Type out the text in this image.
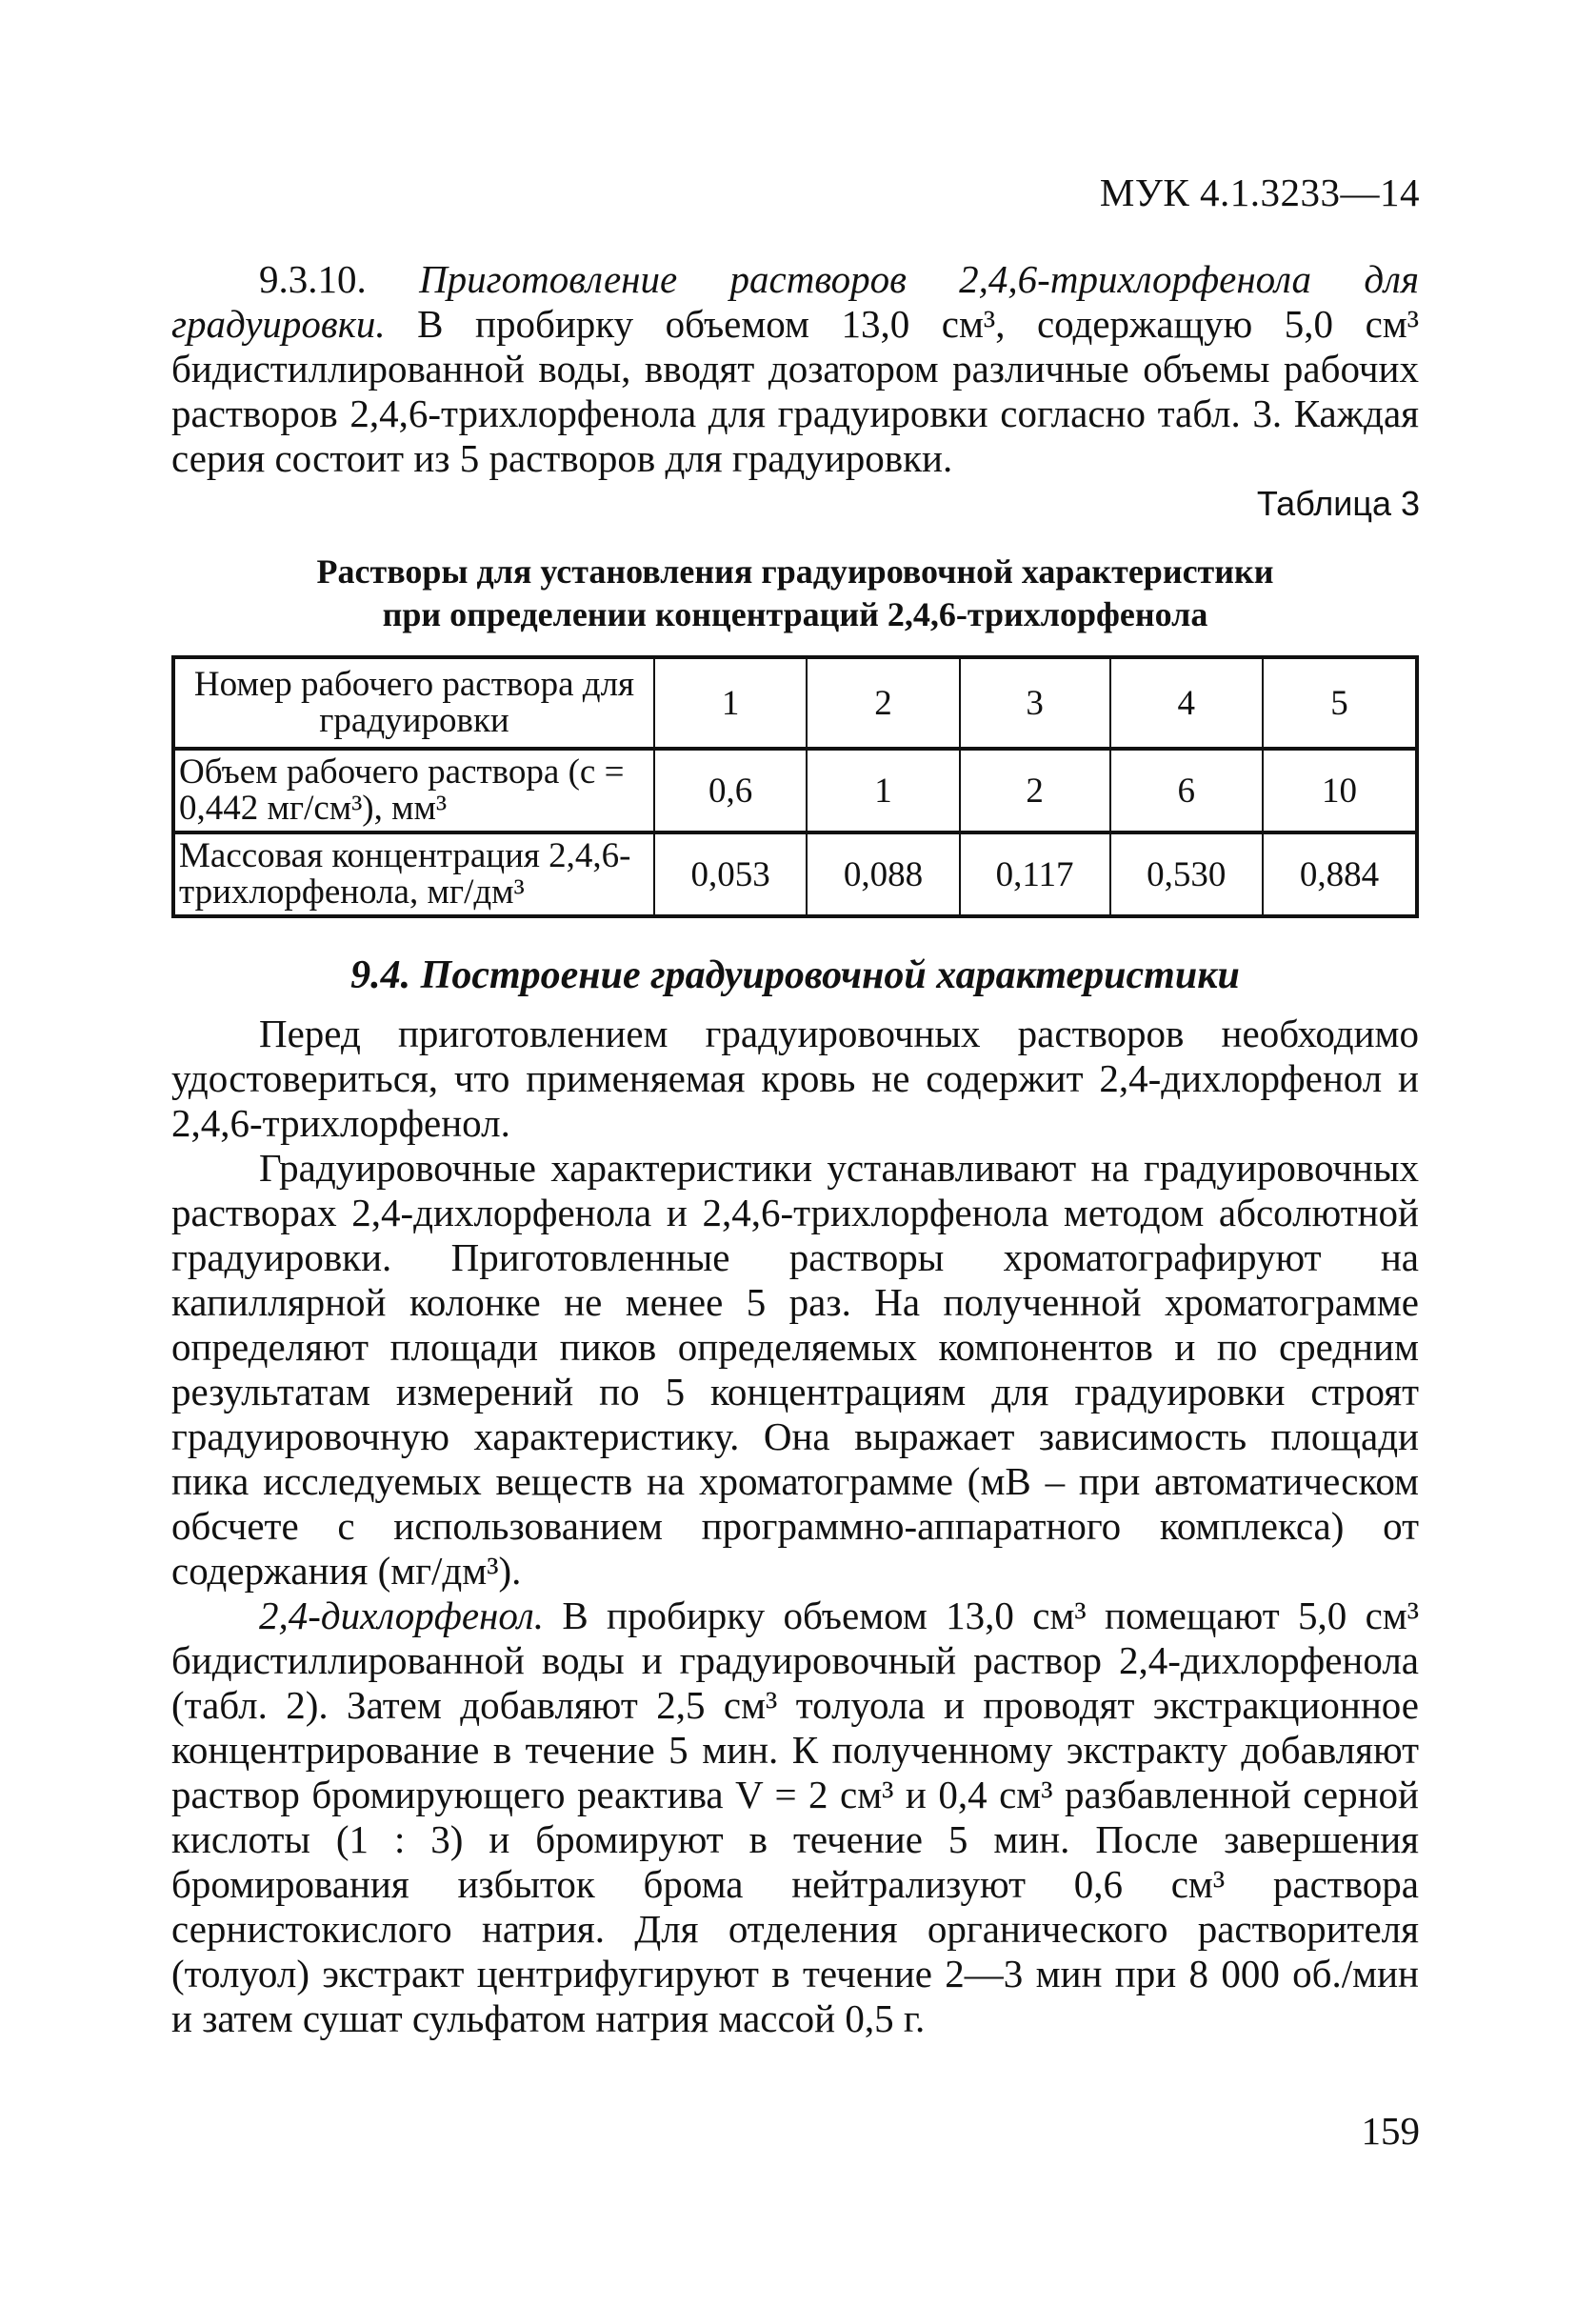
МУК 4.1.3233—14

9.3.10. Приготовление растворов 2,4,6-трихлорфенола для градуировки. В пробирку объемом 13,0 см³, содержащую 5,0 см³ бидистиллированной воды, вводят дозатором различные объемы рабочих растворов 2,4,6-трихлорфенола для градуировки согласно табл. 3. Каждая серия состоит из 5 растворов для градуировки.

Таблица 3
Растворы для установления градуировочной характеристики
при определении концентраций 2,4,6-трихлорфенола
Номер рабочего раствора для градуировки	1	2	3	4	5
Объем рабочего раствора (с = 0,442 мг/см³), мм³	0,6	1	2	6	10
Массовая концентрация 2,4,6-трихлорфенола, мг/дм³	0,053	0,088	0,117	0,530	0,884
9.4. Построение градуировочной характеристики

Перед приготовлением градуировочных растворов необходимо удостовериться, что применяемая кровь не содержит 2,4-дихлорфенол и 2,4,6-трихлорфенол.

Градуировочные характеристики устанавливают на градуировочных растворах 2,4-дихлорфенола и 2,4,6-трихлорфенола методом абсолютной градуировки. Приготовленные растворы хроматографируют на капиллярной колонке не менее 5 раз. На полученной хроматограмме определяют площади пиков определяемых компонентов и по средним результатам измерений по 5 концентрациям для градуировки строят градуировочную характеристику. Она выражает зависимость площади пика исследуемых веществ на хроматограмме (мВ – при автоматическом обсчете с использованием программно-аппаратного комплекса) от содержания (мг/дм³).

2,4-дихлорфенол. В пробирку объемом 13,0 см³ помещают 5,0 см³ бидистиллированной воды и градуировочный раствор 2,4-дихлорфенола (табл. 2). Затем добавляют 2,5 см³ толуола и проводят экстракционное концентрирование в течение 5 мин. К полученному экстракту добавляют раствор бромирующего реактива V = 2 см³ и 0,4 см³ разбавленной серной кислоты (1 : 3) и бромируют в течение 5 мин. После завершения бромирования избыток брома нейтрализуют 0,6 см³ раствора сернистокислого натрия. Для отделения органического растворителя (толуол) экстракт центрифугируют в течение 2—3 мин при 8 000 об./мин и затем сушат сульфатом натрия массой 0,5 г.

159
